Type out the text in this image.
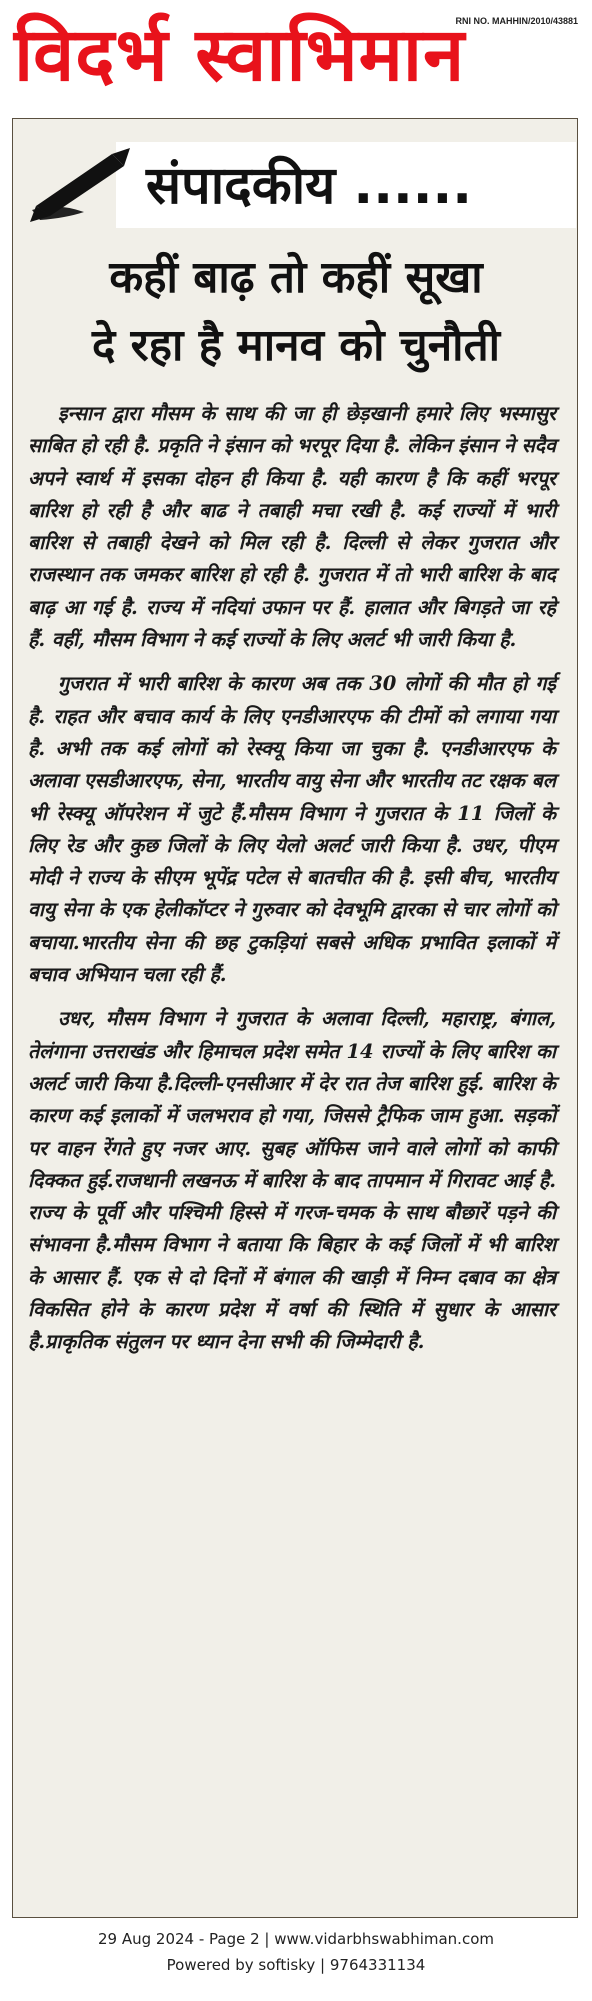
विदर्भ स्वाभिमान
RNI NO. MAHHIN/2010/43881
संपादकीय ......
कहीं बाढ़ तो कहीं सूखा
दे रहा है मानव को चुनौती

इन्सान द्वारा मौसम के साथ की जा ही छेड़खानी हमारे लिए भस्मासुर साबित हो रही है. प्रकृति ने इंसान को भरपूर दिया है. लेकिन इंसान ने सदैव अपने स्वार्थ में इसका दोहन ही किया है. यही कारण है कि कहीं भरपूर बारिश हो रही है और बाढ ने तबाही मचा रखी है. कई राज्यों में भारी बारिश से तबाही देखने को मिल रही है. दिल्ली से लेकर गुजरात और राजस्थान तक जमकर बारिश हो रही है. गुजरात में तो भारी बारिश के बाद बाढ़ आ गई है. राज्य में नदियां उफान पर हैं. हालात और बिगड़ते जा रहे हैं. वहीं, मौसम विभाग ने कई राज्यों के लिए अलर्ट भी जारी किया है.

गुजरात में भारी बारिश के कारण अब तक 30 लोगों की मौत हो गई है. राहत और बचाव कार्य के लिए एनडीआरएफ की टीमों को लगाया गया है. अभी तक कई लोगों को रेस्क्यू किया जा चुका है. एनडीआरएफ के अलावा एसडीआरएफ, सेना, भारतीय वायु सेना और भारतीय तट रक्षक बल भी रेस्क्यू ऑपरेशन में जुटे हैं.मौसम विभाग ने गुजरात के 11 जिलों के लिए रेड और कुछ जिलों के लिए येलो अलर्ट जारी किया है. उधर, पीएम मोदी ने राज्य के सीएम भूपेंद्र पटेल से बातचीत की है. इसी बीच, भारतीय वायु सेना के एक हेलीकॉप्टर ने गुरुवार को देवभूमि द्वारका से चार लोगों को बचाया.भारतीय सेना की छह टुकड़ियां सबसे अधिक प्रभावित इलाकों में बचाव अभियान चला रही हैं.

उधर, मौसम विभाग ने गुजरात के अलावा दिल्ली, महाराष्ट्र, बंगाल, तेलंगाना उत्तराखंड और हिमाचल प्रदेश समेत 14 राज्यों के लिए बारिश का अलर्ट जारी किया है.दिल्ली-एनसीआर में देर रात तेज बारिश हुई. बारिश के कारण कई इलाकों में जलभराव हो गया, जिससे ट्रैफिक जाम हुआ. सड़कों पर वाहन रेंगते हुए नजर आए. सुबह ऑफिस जाने वाले लोगों को काफी दिक्कत हुई.राजधानी लखनऊ में बारिश के बाद तापमान में गिरावट आई है. राज्य के पूर्वी और पश्चिमी हिस्से में गरज-चमक के साथ बौछारें पड़ने की संभावना है.मौसम विभाग ने बताया कि बिहार के कई जिलों में भी बारिश के आसार हैं. एक से दो दिनों में बंगाल की खाड़ी में निम्न दबाव का क्षेत्र विकसित होने के कारण प्रदेश में वर्षा की स्थिति में सुधार के आसार है.प्राकृतिक संतुलन पर ध्यान देना सभी की जिम्मेदारी है.

29 Aug 2024 - Page 2 | www.vidarbhswabhiman.com
Powered by softisky | 9764331134
